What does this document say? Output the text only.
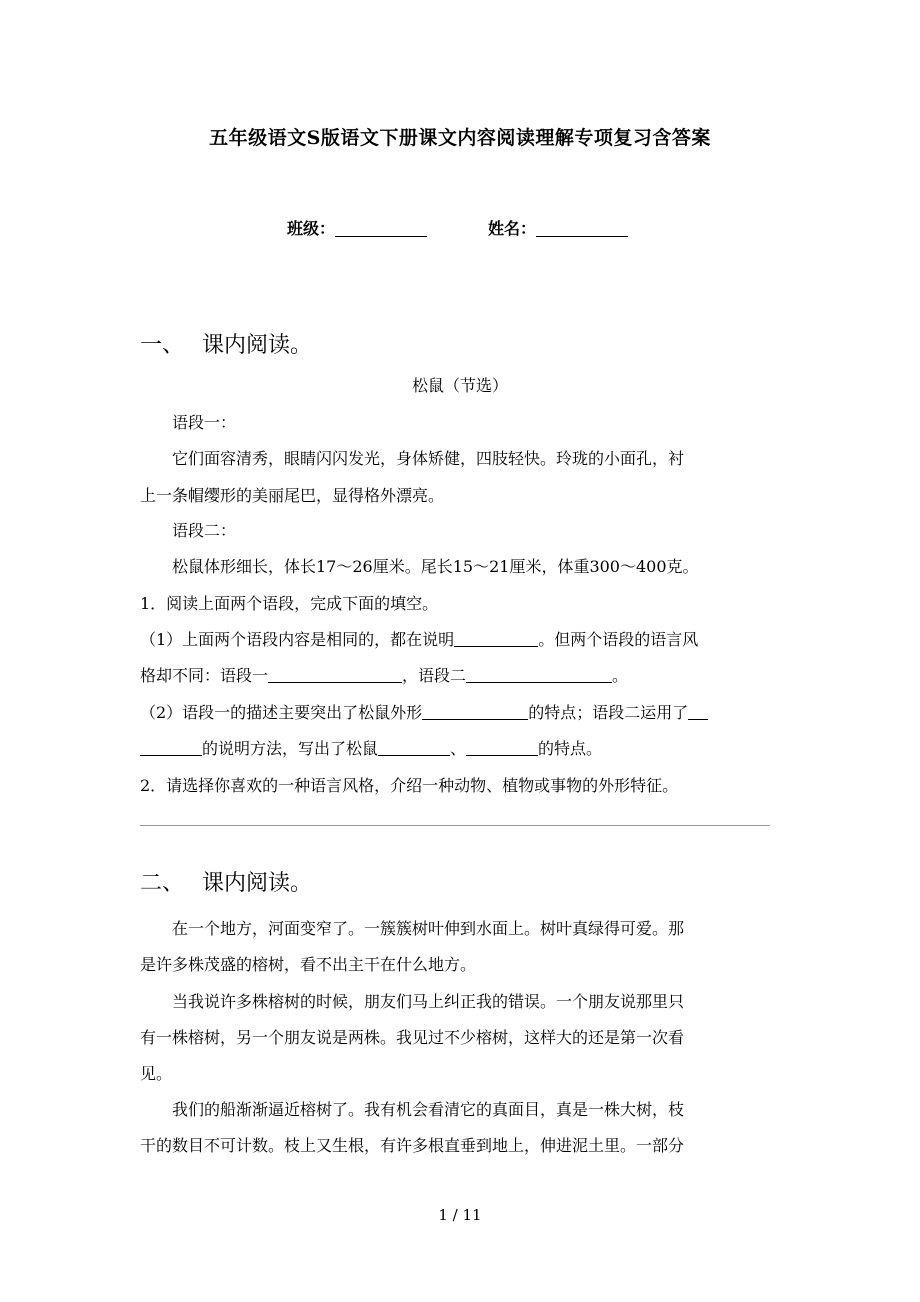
五年级语文S版语文下册课文内容阅读理解专项复习含答案
班级：	姓名：
一、 课内阅读。
松鼠（节选）
语段一：
它们面容清秀，眼睛闪闪发光，身体矫健，四肢轻快。玲珑的小面孔，衬
上一条帽缨形的美丽尾巴，显得格外漂亮。
语段二：
松鼠体形细长，体长17～26厘米。尾长15～21厘米，体重300～400克。
1．阅读上面两个语段，完成下面的填空。
（1）上面两个语段内容是相同的，都在说明	。但两个语段的语言风
格却不同：语段一	，语段二	。
（2）语段一的描述主要突出了松鼠外形	的特点；语段二运用了
的说明方法，写出了松鼠	、	的特点。
2．请选择你喜欢的一种语言风格，介绍一种动物、植物或事物的外形特征。
二、 课内阅读。
在一个地方，河面变窄了。一簇簇树叶伸到水面上。树叶真绿得可爱。那
是许多株茂盛的榕树，看不出主干在什么地方。
当我说许多株榕树的时候，朋友们马上纠正我的错误。一个朋友说那里只
有一株榕树，另一个朋友说是两株。我见过不少榕树，这样大的还是第一次看
见。
我们的船渐渐逼近榕树了。我有机会看清它的真面目，真是一株大树，枝
干的数目不可计数。枝上又生根，有许多根直垂到地上，伸进泥土里。一部分
1 / 11
